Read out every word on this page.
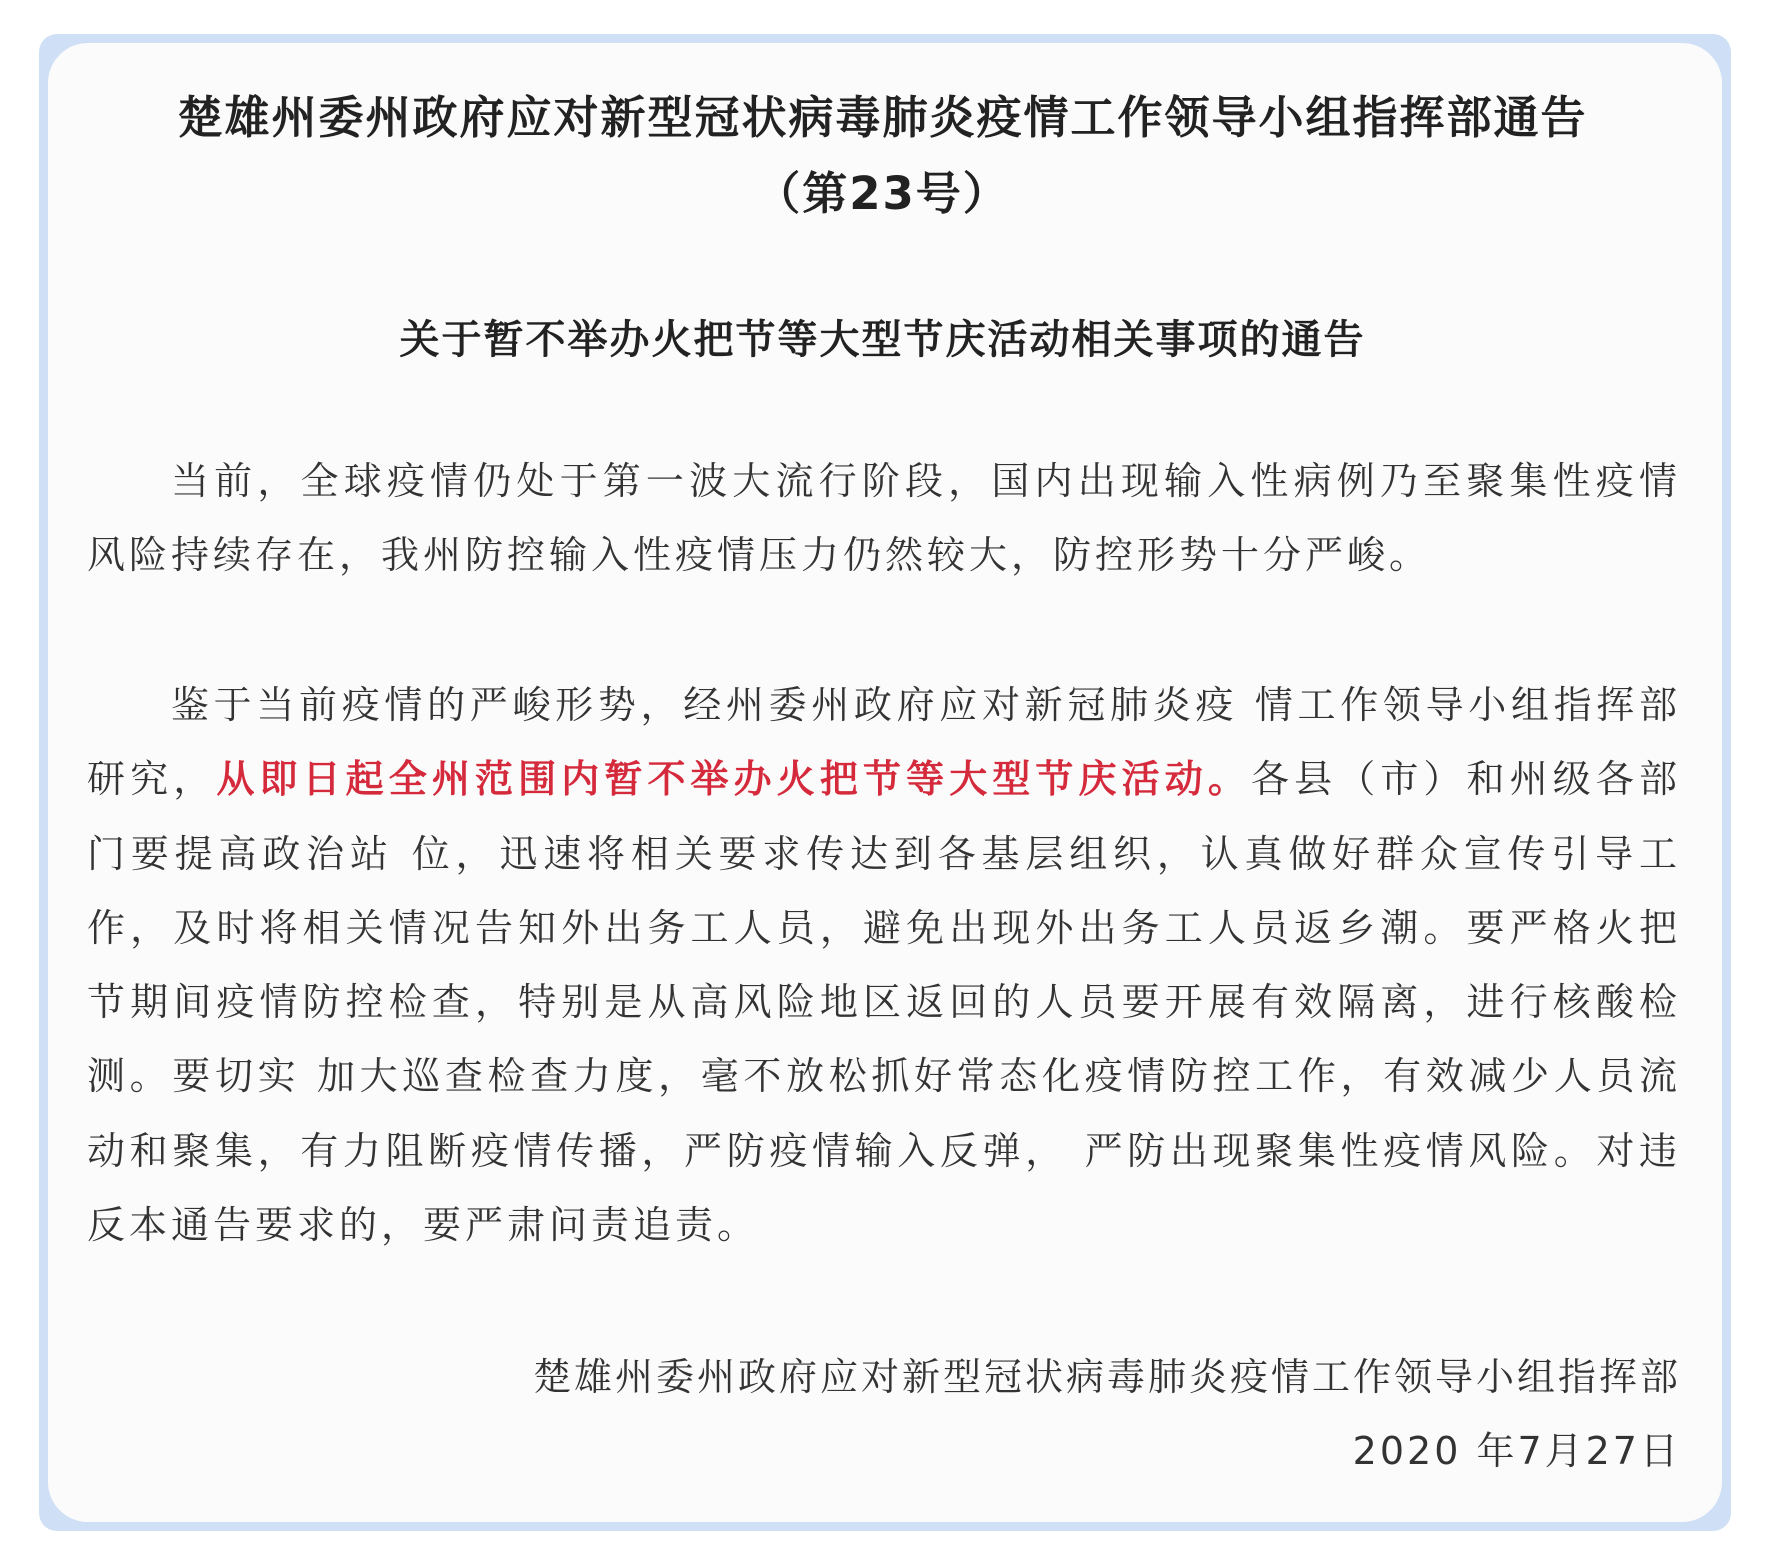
楚雄州委州政府应对新型冠状病毒肺炎疫情工作领导小组指挥部通告
（第23号）
关于暂不举办火把节等大型节庆活动相关事项的通告
当前，全球疫情仍处于第一波大流行阶段，国内出现输入性病例乃至聚集性疫情
风险持续存在，我州防控输入性疫情压力仍然较大，防控形势十分严峻。
鉴于当前疫情的严峻形势，经州委州政府应对新冠肺炎疫 情工作领导小组指挥部
研究，从即日起全州范围内暂不举办火把节等大型节庆活动。各县（市）和州级各部
门要提高政治站 位，迅速将相关要求传达到各基层组织，认真做好群众宣传引导工
作，及时将相关情况告知外出务工人员，避免出现外出务工人员返乡潮。要严格火把
节期间疫情防控检查，特别是从高风险地区返回的人员要开展有效隔离，进行核酸检
测。要切实 加大巡查检查力度，毫不放松抓好常态化疫情防控工作，有效减少人员流
动和聚集，有力阻断疫情传播，严防疫情输入反弹， 严防出现聚集性疫情风险。对违
反本通告要求的，要严肃问责追责。
楚雄州委州政府应对新型冠状病毒肺炎疫情工作领导小组指挥部
2020 年7月27日
